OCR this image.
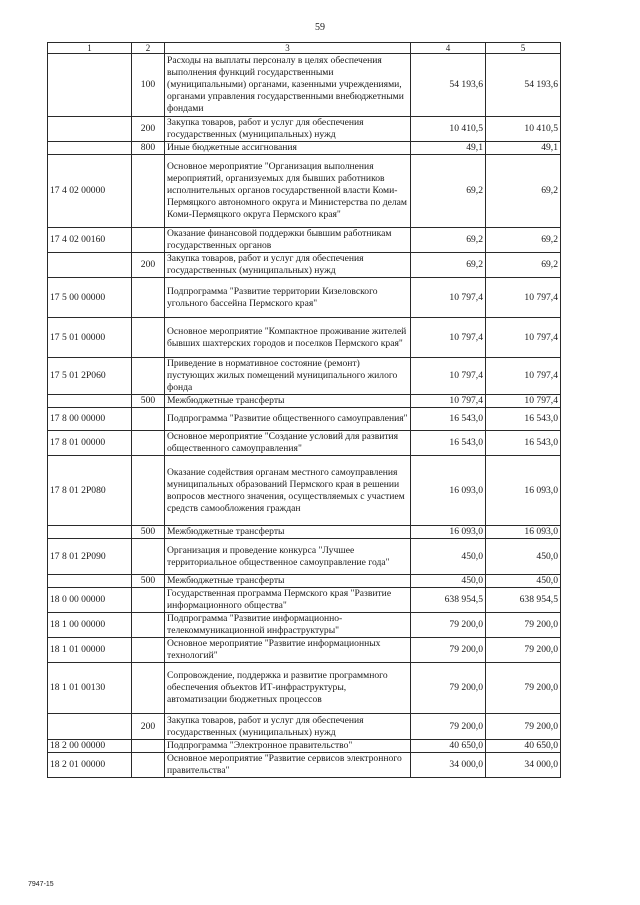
59
1	2	3	4	5
	100	Расходы на выплаты персоналу в целях обеспечения выполнения функций государственными (муниципальными) органами, казенными учреждениями, органами управления государственными внебюджетными фондами	54 193,6	54 193,6
	200	Закупка товаров, работ и услуг для обеспечения государственных (муниципальных) нужд	10 410,5	10 410,5
	800	Иные бюджетные ассигнования	49,1	49,1
17 4 02 00000		Основное мероприятие "Организация выполнения мероприятий, организуемых для бывших работников исполнительных органов государственной власти Коми-Пермяцкого автономного округа и Министерства по делам Коми-Пермяцкого округа Пермского края"	69,2	69,2
17 4 02 00160		Оказание финансовой поддержки бывшим работникам государственных органов	69,2	69,2
	200	Закупка товаров, работ и услуг для обеспечения государственных (муниципальных) нужд	69,2	69,2
17 5 00 00000		Подпрограмма "Развитие территории Кизеловского угольного бассейна Пермского края"	10 797,4	10 797,4
17 5 01 00000		Основное мероприятие "Компактное проживание жителей бывших шахтерских городов и поселков Пермского края"	10 797,4	10 797,4
17 5 01 2Р060		Приведение в нормативное состояние (ремонт) пустующих жилых помещений муниципального жилого фонда	10 797,4	10 797,4
	500	Межбюджетные трансферты	10 797,4	10 797,4
17 8 00 00000		Подпрограмма "Развитие общественного самоуправления"	16 543,0	16 543,0
17 8 01 00000		Основное мероприятие "Создание условий для развития общественного самоуправления"	16 543,0	16 543,0
17 8 01 2Р080		Оказание содействия органам местного самоуправления муниципальных образований Пермского края в решении вопросов местного значения, осуществляемых с участием средств самообложения граждан	16 093,0	16 093,0
	500	Межбюджетные трансферты	16 093,0	16 093,0
17 8 01 2Р090		Организация и проведение конкурса "Лучшее территориальное общественное самоуправление года"	450,0	450,0
	500	Межбюджетные трансферты	450,0	450,0
18 0 00 00000		Государственная программа Пермского края "Развитие информационного общества"	638 954,5	638 954,5
18 1 00 00000		Подпрограмма "Развитие информационно-телекоммуникационной инфраструктуры"	79 200,0	79 200,0
18 1 01 00000		Основное мероприятие "Развитие информационных технологий"	79 200,0	79 200,0
18 1 01 00130		Сопровождение, поддержка и развитие программного обеспечения объектов ИТ-инфраструктуры, автоматизации бюджетных процессов	79 200,0	79 200,0
	200	Закупка товаров, работ и услуг для обеспечения государственных (муниципальных) нужд	79 200,0	79 200,0
18 2 00 00000		Подпрограмма "Электронное правительство"	40 650,0	40 650,0
18 2 01 00000		Основное мероприятие "Развитие сервисов электронного правительства"	34 000,0	34 000,0
7947-15
